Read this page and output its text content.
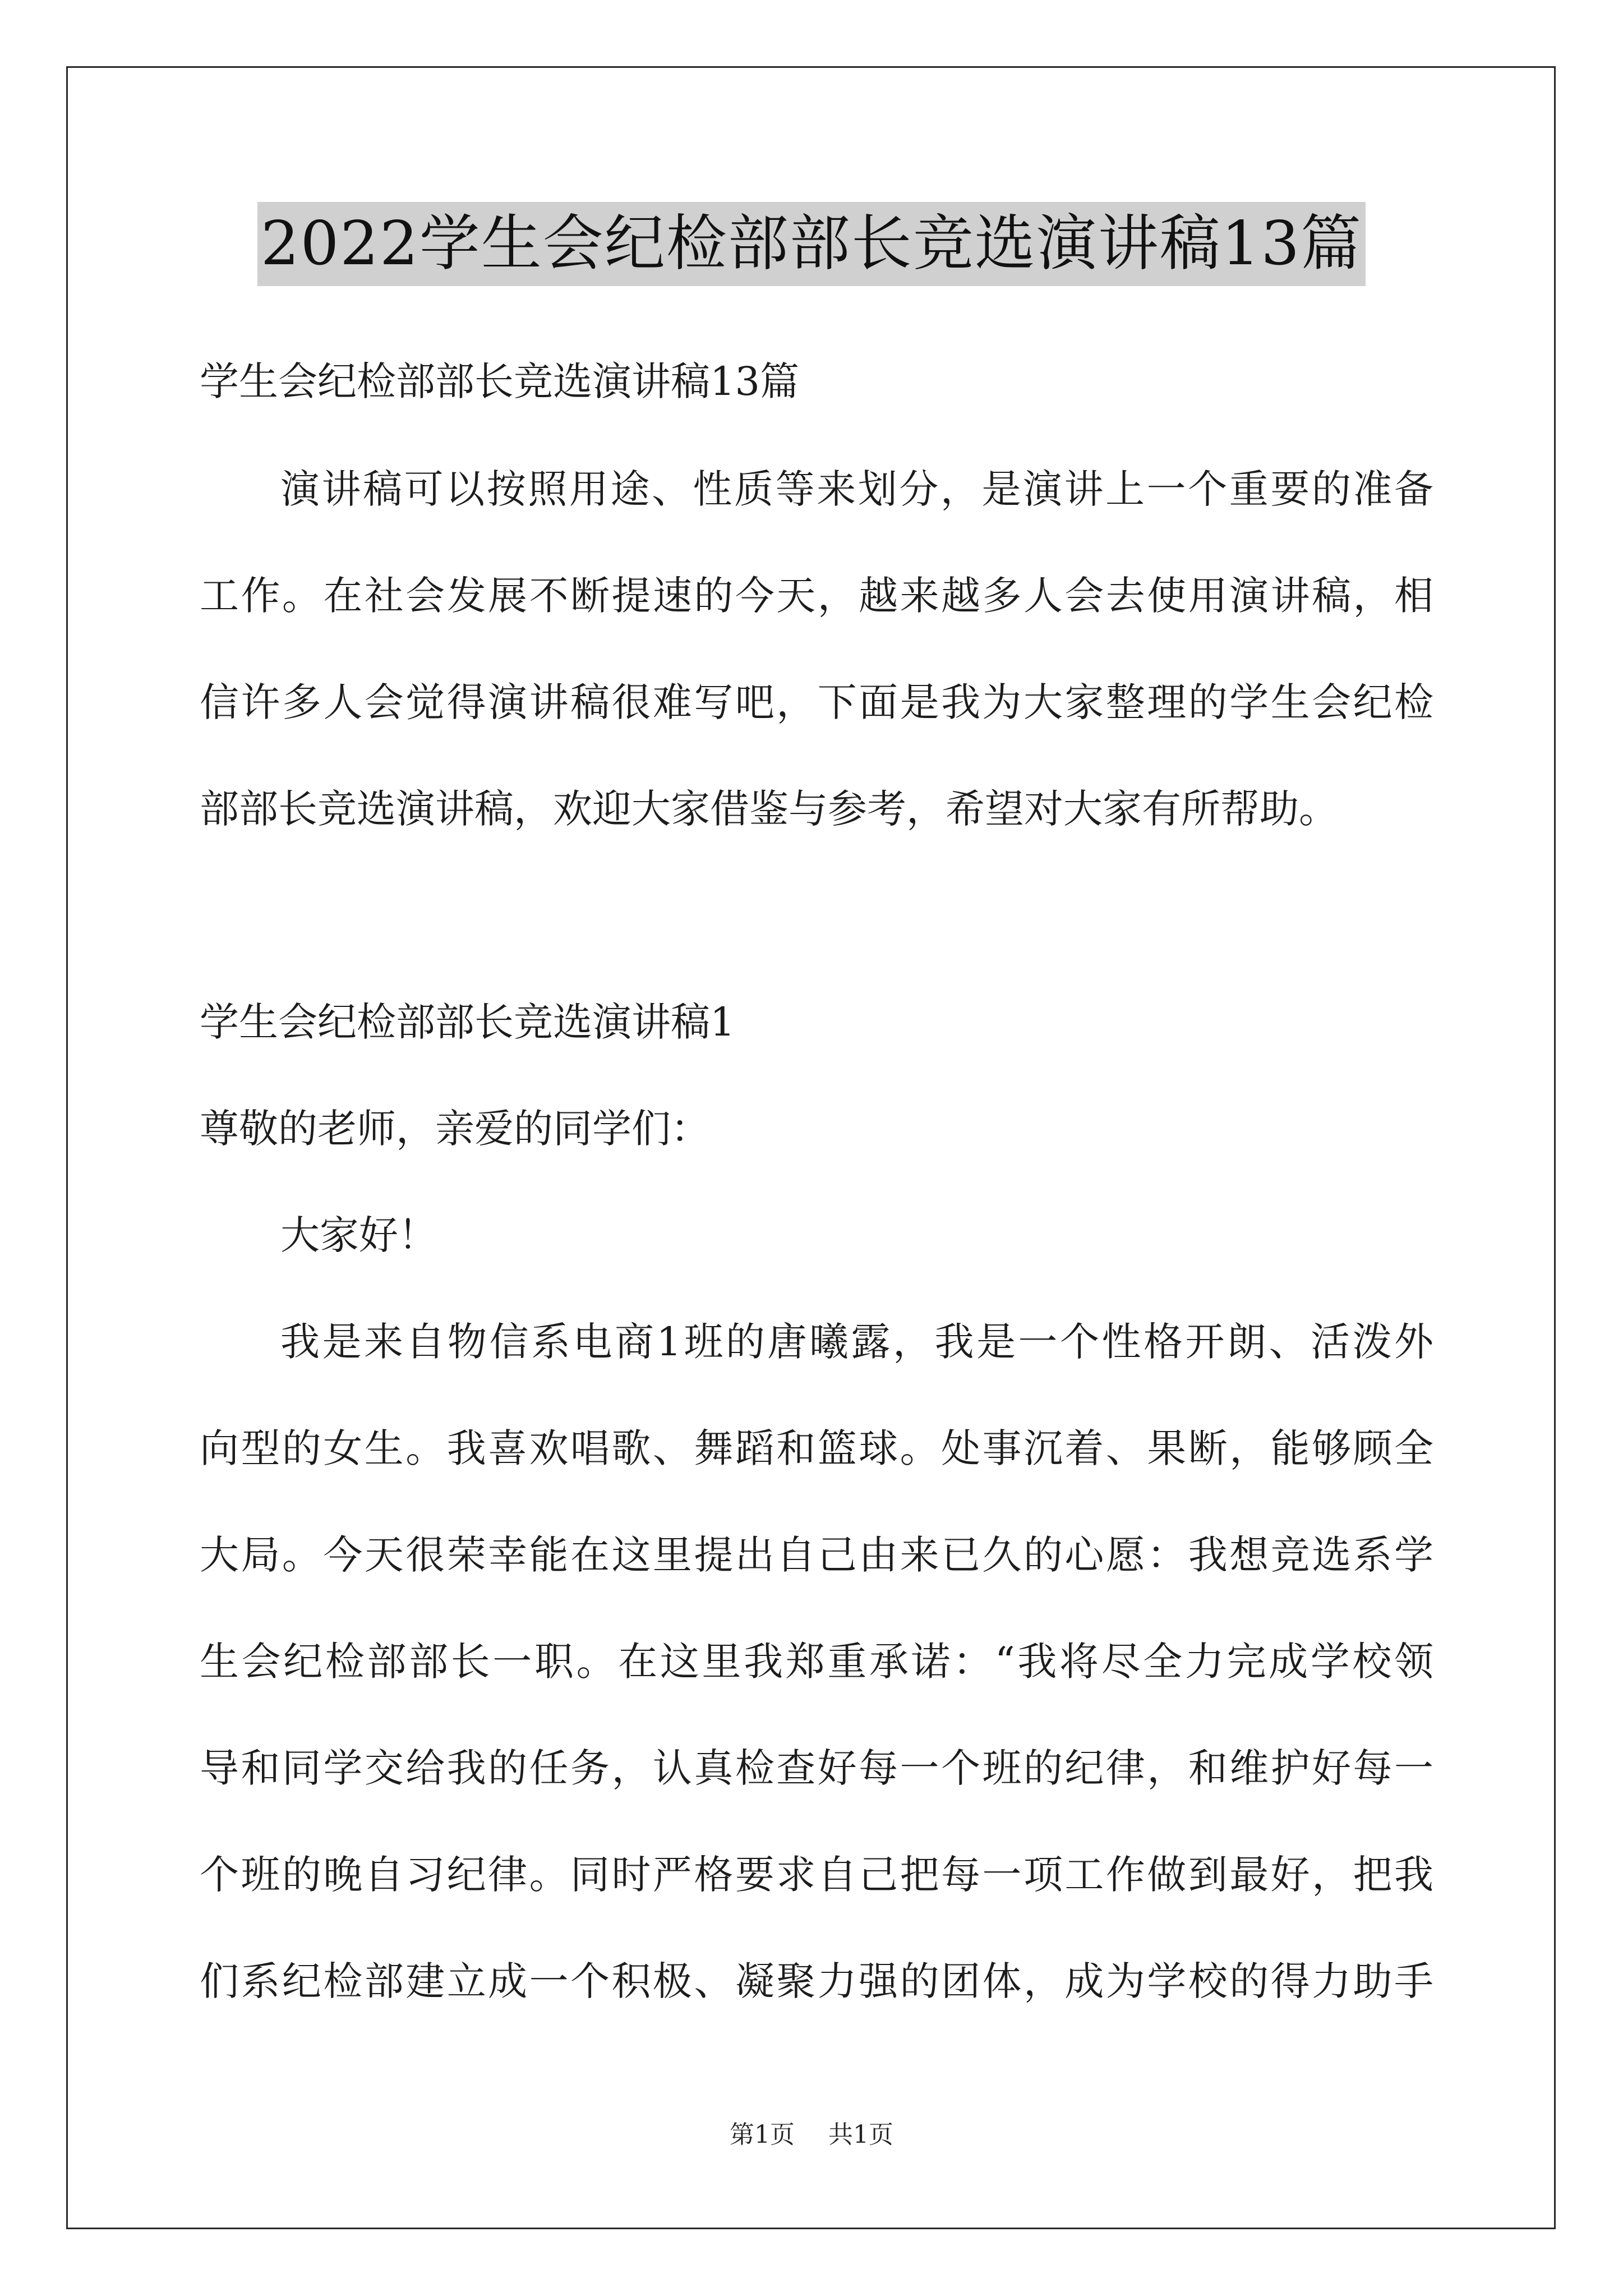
2022学生会纪检部部长竞选演讲稿13篇
学生会纪检部部长竞选演讲稿13篇
演讲稿可以按照用途、性质等来划分，是演讲上一个重要的准备
工作。在社会发展不断提速的今天，越来越多人会去使用演讲稿，相
信许多人会觉得演讲稿很难写吧，下面是我为大家整理的学生会纪检
部部长竞选演讲稿，欢迎大家借鉴与参考，希望对大家有所帮助。
学生会纪检部部长竞选演讲稿1
尊敬的老师，亲爱的同学们：
大家好！
我是来自物信系电商1班的唐曦露，我是一个性格开朗、活泼外
向型的女生。我喜欢唱歌、舞蹈和篮球。处事沉着、果断，能够顾全
大局。今天很荣幸能在这里提出自己由来已久的心愿：我想竞选系学
生会纪检部部长一职。在这里我郑重承诺：“我将尽全力完成学校领
导和同学交给我的任务，认真检查好每一个班的纪律，和维护好每一
个班的晚自习纪律。同时严格要求自己把每一项工作做到最好，把我
们系纪检部建立成一个积极、凝聚力强的团体，成为学校的得力助手
第1页 共1页
